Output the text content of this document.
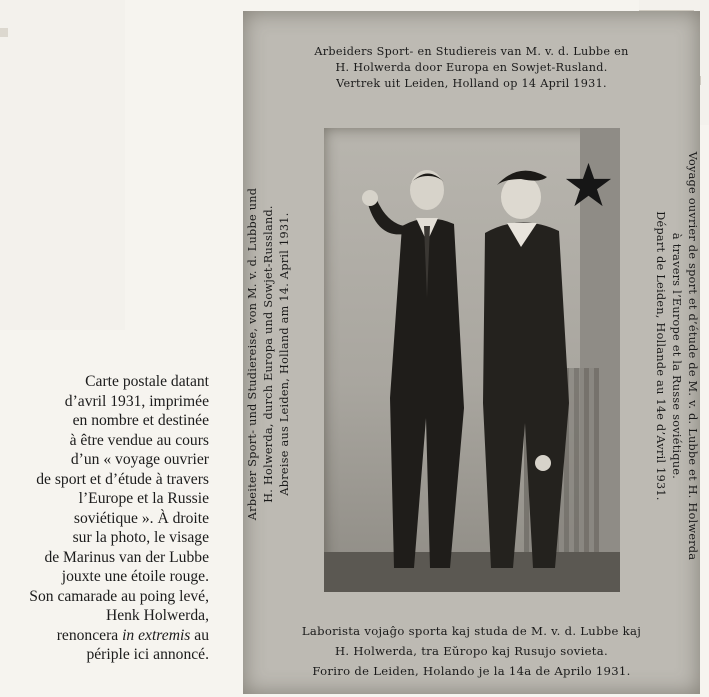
Carte postale datant
d’avril 1931, imprimée
en nombre et destinée
à être vendue au cours
d’un « voyage ouvrier
de sport et d’étude à travers
l’Europe et la Russie
soviétique ». À droite
sur la photo, le visage
de Marinus van der Lubbe
jouxte une étoile rouge.
Son camarade au poing levé,
Henk Holwerda,
renoncera in extremis au
périple ici annoncé.
Arbeiders Sport- en Studiereis van M. v. d. Lubbe en
H. Holwerda door Europa en Sowjet-Rusland.
Vertrek uit Leiden, Holland op 14 April 1931.
Arbeiter Sport- und Studiereise, von M. v. d. Lubbe und H. Holwerda, durch Europa und Sowjet-Russland. Abreise aus Leiden, Holland am 14. April 1931.	Voyage ouvrier de sport et d’étude de M. v. d. Lubbe et H. Holwerda
à travers l’Europe et la Russe soviétique.
Départ de Leiden, Hollande au 14e d’Avril 1931.
Laborista vojaĝo sporta kaj studa de M. v. d. Lubbe kaj
H. Holwerda, tra Eŭropo kaj Rusujo sovieta.
Foriro de Leiden, Holando je la 14a de Aprilo 1931.
